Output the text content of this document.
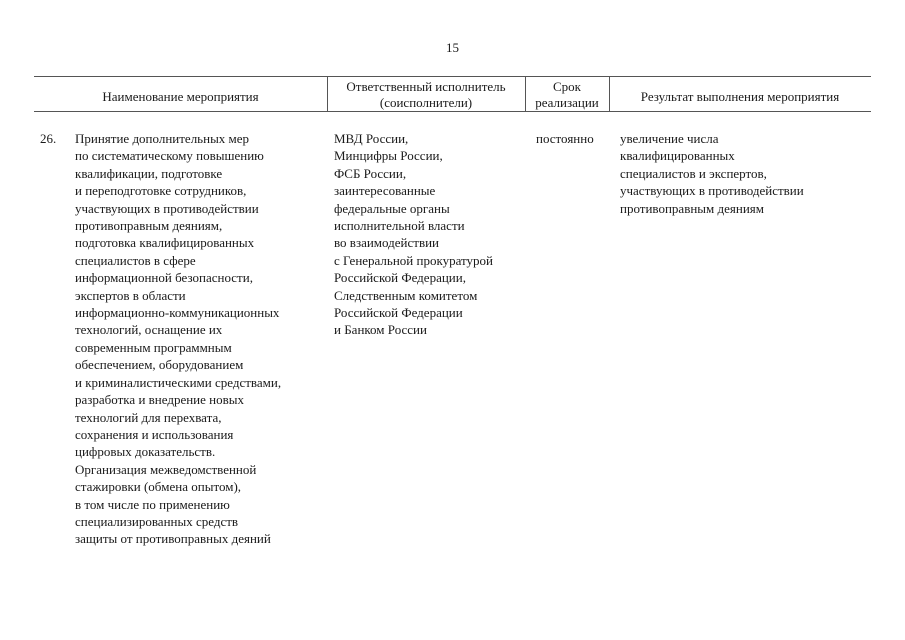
15
Наименование мероприятия
Ответственный исполнитель
(соисполнители)
Срок
реализации	Результат выполнения мероприятия
26. Принятие дополнительных мер
по систематическому повышению
квалификации, подготовке
и переподготовке сотрудников,
участвующих в противодействии
противоправным деяниям,
подготовка квалифицированных
специалистов в сфере
информационной безопасности,
экспертов в области
информационно-коммуникационных
технологий, оснащение их
современным программным
обеспечением, оборудованием
и криминалистическими средствами,
разработка и внедрение новых
технологий для перехвата,
сохранения и использования
цифровых доказательств.
Организация межведомственной
стажировки (обмена опытом),
в том числе по применению
специализированных средств
защиты от противоправных деяний
МВД России,
Минцифры России,
ФСБ России,
заинтересованные
федеральные органы
исполнительной власти
во взаимодействии
с Генеральной прокуратурой
Российской Федерации,
Следственным комитетом
Российской Федерации
и Банком России
постоянно увеличение числа
квалифицированных
специалистов и экспертов,
участвующих в противодействии
противоправным деяниям
